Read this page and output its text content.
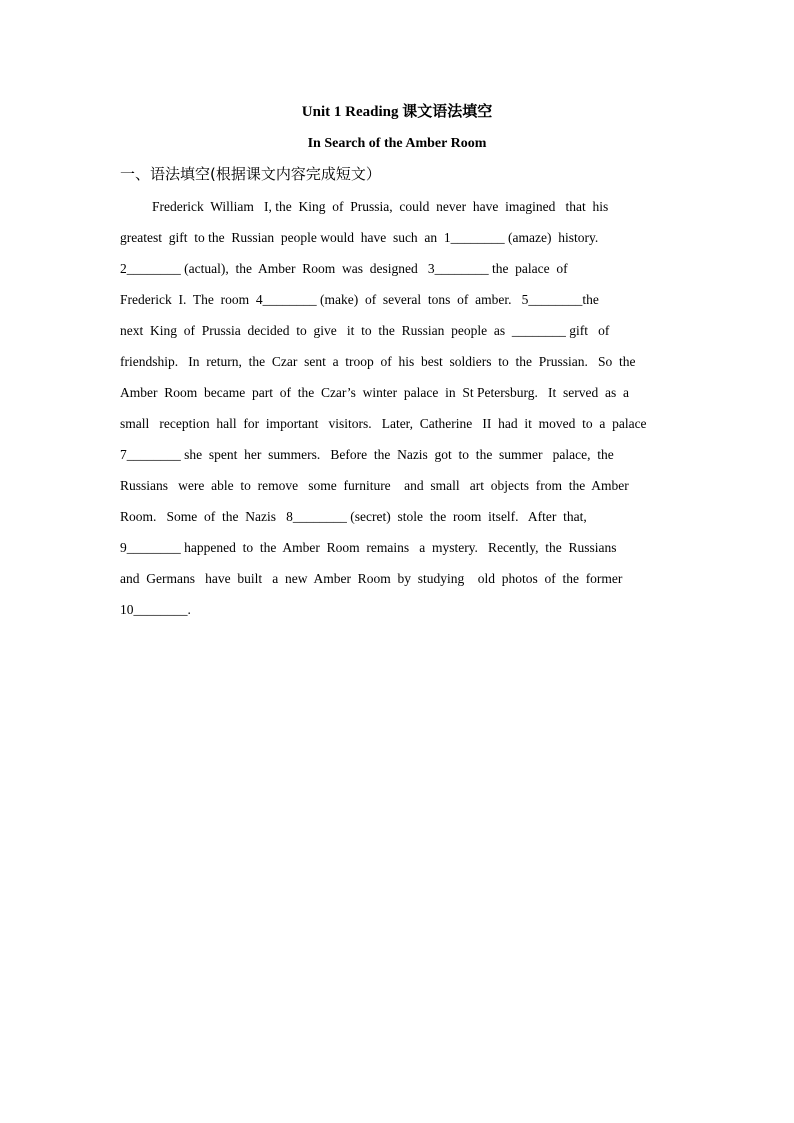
Unit 1 Reading 课文语法填空
In Search of the Amber Room
一、语法填空(根据课文内容完成短文）
Frederick  William   I, the  King  of  Prussia,  could  never  have  imagined   that  his
greatest  gift  to the  Russian  people would  have  such  an  1________ (amaze)  history.
2________ (actual),  the  Amber  Room  was  designed   3________ the  palace  of
Frederick  I.  The  room  4________ (make)  of  several  tons  of  amber.   5________the
next  King  of  Prussia  decided  to  give   it  to  the  Russian  people  as  ________ gift   of
friendship.   In  return,  the  Czar  sent  a  troop  of  his  best  soldiers  to  the  Prussian.   So  the
Amber  Room  became  part  of  the  Czar’s  winter  palace  in  St Petersburg.   It  served  as  a
small   reception  hall  for  important   visitors.   Later,  Catherine   II  had  it  moved  to  a  palace
7________ she  spent  her  summers.   Before  the  Nazis  got  to  the  summer   palace,  the
Russians   were  able  to  remove   some  furniture    and  small   art  objects  from  the  Amber
Room.   Some  of  the  Nazis   8________ (secret)  stole  the  room  itself.   After  that,
9________ happened  to  the  Amber  Room  remains   a  mystery.   Recently,  the  Russians
and  Germans   have  built   a  new  Amber  Room  by  studying    old  photos  of  the  former
10________.
